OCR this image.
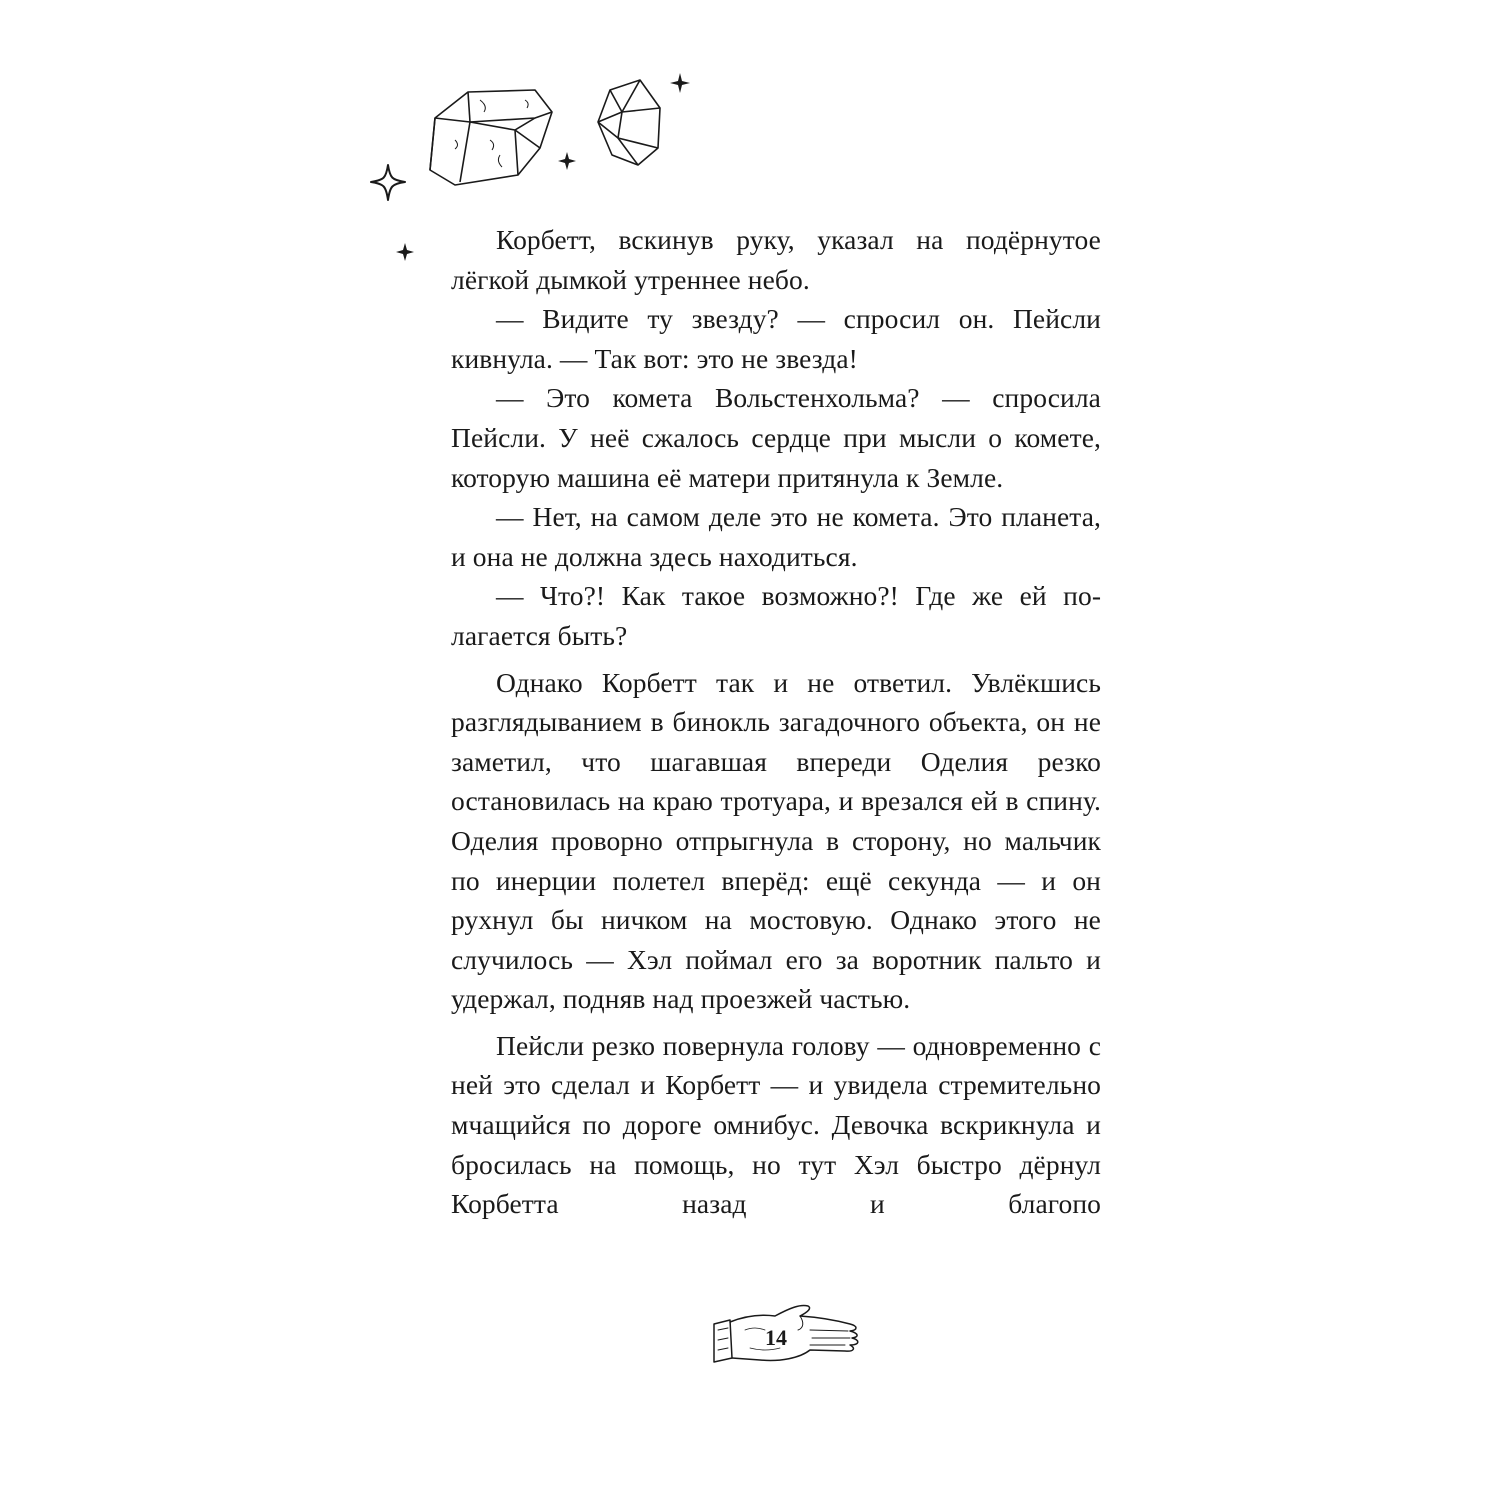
Корбетт, вскинув руку, указал на подёрнутое лёгкой дымкой утреннее небо.

— Видите ту звезду? — спросил он. Пейсли кивнула. — Так вот: это не звезда!

— Это комета Вольстенхольма? — спросила Пейсли. У неё сжалось сердце при мысли о комете, которую машина её матери притянула к Земле.

— Нет, на самом деле это не комета. Это планета, и она не должна здесь находиться.

— Что?! Как такое возможно?! Где же ей полагается быть?

Однако Корбетт так и не ответил. Увлёкшись разглядыванием в бинокль загадочного объекта, он не заметил, что шагавшая впереди Оделия резко остановилась на краю тротуара, и врезался ей в спину. Оделия проворно отпрыгнула в сторону, но мальчик по инерции полетел вперёд: ещё секунда — и он рухнул бы ничком на мостовую. Однако этого не случилось — Хэл поймал его за воротник пальто и удержал, подняв над проезжей частью.

Пейсли резко повернула голову — одновременно с ней это сделал и Корбетт — и увидела стремительно мчащийся по дороге омнибус. Девочка вскрикнула и бросилась на помощь, но тут Хэл быстро дёрнул Корбетта назад и благопо

14
